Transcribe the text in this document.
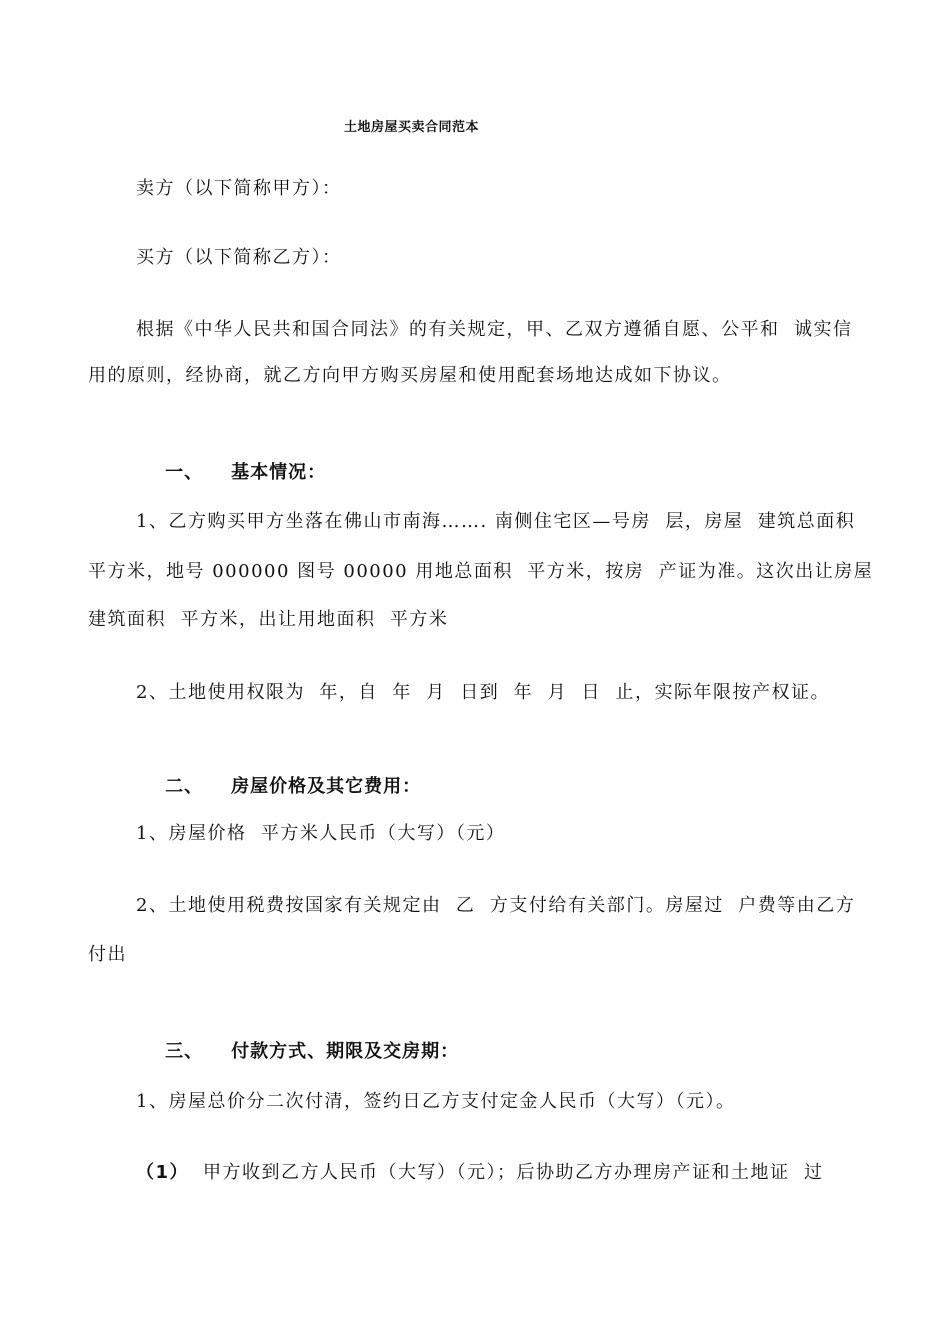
土地房屋买卖合同范本
卖方（以下简称甲方）：
买方（以下简称乙方）：
根据《中华人民共和国合同法》的有关规定，甲、乙双方遵循自愿、公平和  诚实信
用的原则，经协商，就乙方向甲方购买房屋和使用配套场地达成如下协议。

一、 基本情况：

1、乙方购买甲方坐落在佛山市南海……. 南侧住宅区—号房  层，房屋  建筑总面积
平方米，地号 000000 图号 00000 用地总面积  平方米，按房  产证为准。这次出让房屋
建筑面积  平方米，出让用地面积  平方米
2、土地使用权限为  年，自  年  月  日到  年  月  日  止，实际年限按产权证。

二、 房屋价格及其它费用：

1、房屋价格  平方米人民币（大写）（元）
2、土地使用税费按国家有关规定由  乙  方支付给有关部门。房屋过  户费等由乙方
付出

三、 付款方式、期限及交房期：

1、房屋总价分二次付清，签约日乙方支付定金人民币（大写）（元）。
（1） 甲方收到乙方人民币（大写）（元）；后协助乙方办理房产证和土地证  过
